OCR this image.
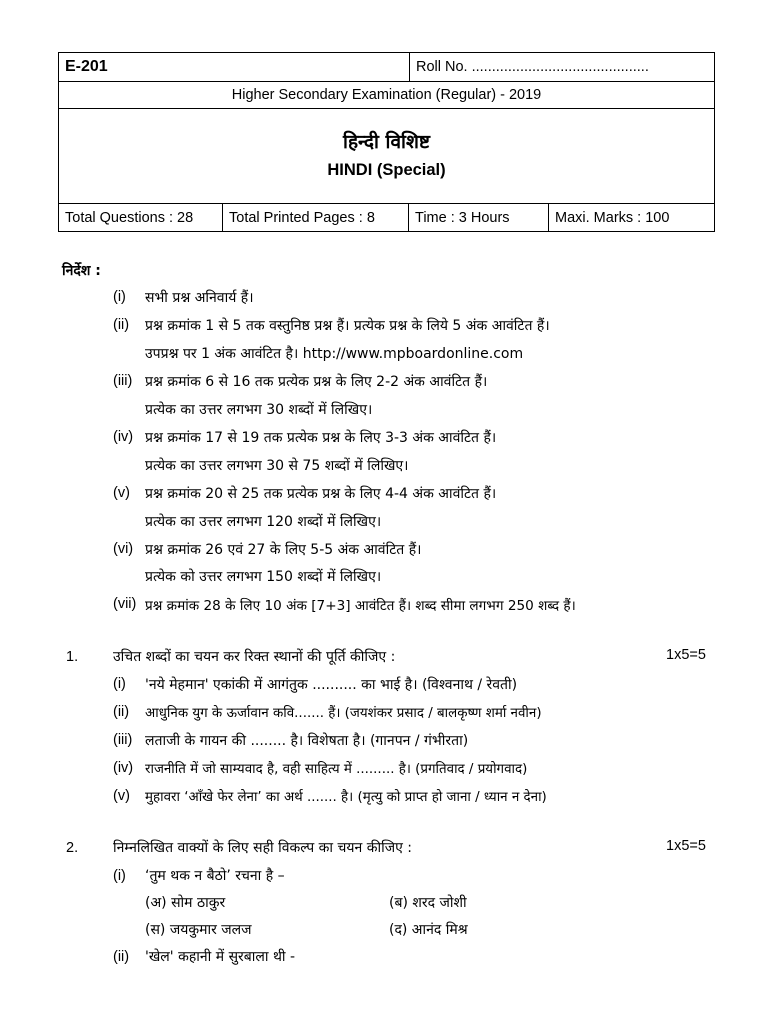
E-201	Roll No. ............................................
Higher Secondary Examination (Regular) - 2019
हिन्दी विशिष्ट
HINDI (Special)
Total Questions : 28	Total Printed Pages : 8	Time : 3 Hours	Maxi. Marks : 100
निर्देश :
(i) सभी प्रश्न अनिवार्य हैं।
(ii) प्रश्न क्रमांक 1 से 5 तक वस्तुनिष्ठ प्रश्न हैं। प्रत्येक प्रश्न के लिये 5 अंक आवंटित हैं।
उपप्रश्न पर 1 अंक आवंटित है। http://www.mpboardonline.com
(iii) प्रश्न क्रमांक 6 से 16 तक प्रत्येक प्रश्न के लिए 2-2 अंक आवंटित हैं।
प्रत्येक का उत्तर लगभग 30 शब्दों में लिखिए।
(iv) प्रश्न क्रमांक 17 से 19 तक प्रत्येक प्रश्न के लिए 3-3 अंक आवंटित हैं।
प्रत्येक का उत्तर लगभग 30 से 75 शब्दों में लिखिए।
(v) प्रश्न क्रमांक 20 से 25 तक प्रत्येक प्रश्न के लिए 4-4 अंक आवंटित हैं।
प्रत्येक का उत्तर लगभग 120 शब्दों में लिखिए।
(vi) प्रश्न क्रमांक 26 एवं 27 के लिए 5-5 अंक आवंटित हैं।
प्रत्येक को उत्तर लगभग 150 शब्दों में लिखिए।
(vii) प्रश्न क्रमांक 28 के लिए 10 अंक [7+3] आवंटित हैं। शब्द सीमा लगभग 250 शब्द हैं।
1. उचित शब्दों का चयन कर रिक्त स्थानों की पूर्ति कीजिए :	1x5=5
(i) 'नये मेहमान' एकांकी में आगंतुक .......... का भाई है। (विश्वनाथ / रेवती)
(ii) आधुनिक युग के ऊर्जावान कवि....... हैं। (जयशंकर प्रसाद / बालकृष्ण शर्मा नवीन)
(iii) लताजी के गायन की ........ है। विशेषता है। (गानपन / गंभीरता)
(iv) राजनीति में जो साम्यवाद है, वही साहित्य में ......... है। (प्रगतिवाद / प्रयोगवाद)
(v) मुहावरा ‘आँखे फेर लेना’ का अर्थ ....... है। (मृत्यु को प्राप्त हो जाना / ध्यान न देना)
2. निम्नलिखित वाक्यों के लिए सही विकल्प का चयन कीजिए :	1x5=5
(i) ‘तुम थक न बैठो’ रचना है –
(अ) सोम ठाकुर	(ब) शरद जोशी
(स) जयकुमार जलज	(द) आनंद मिश्र
(ii) 'खेल' कहानी में सुरबाला थी -
